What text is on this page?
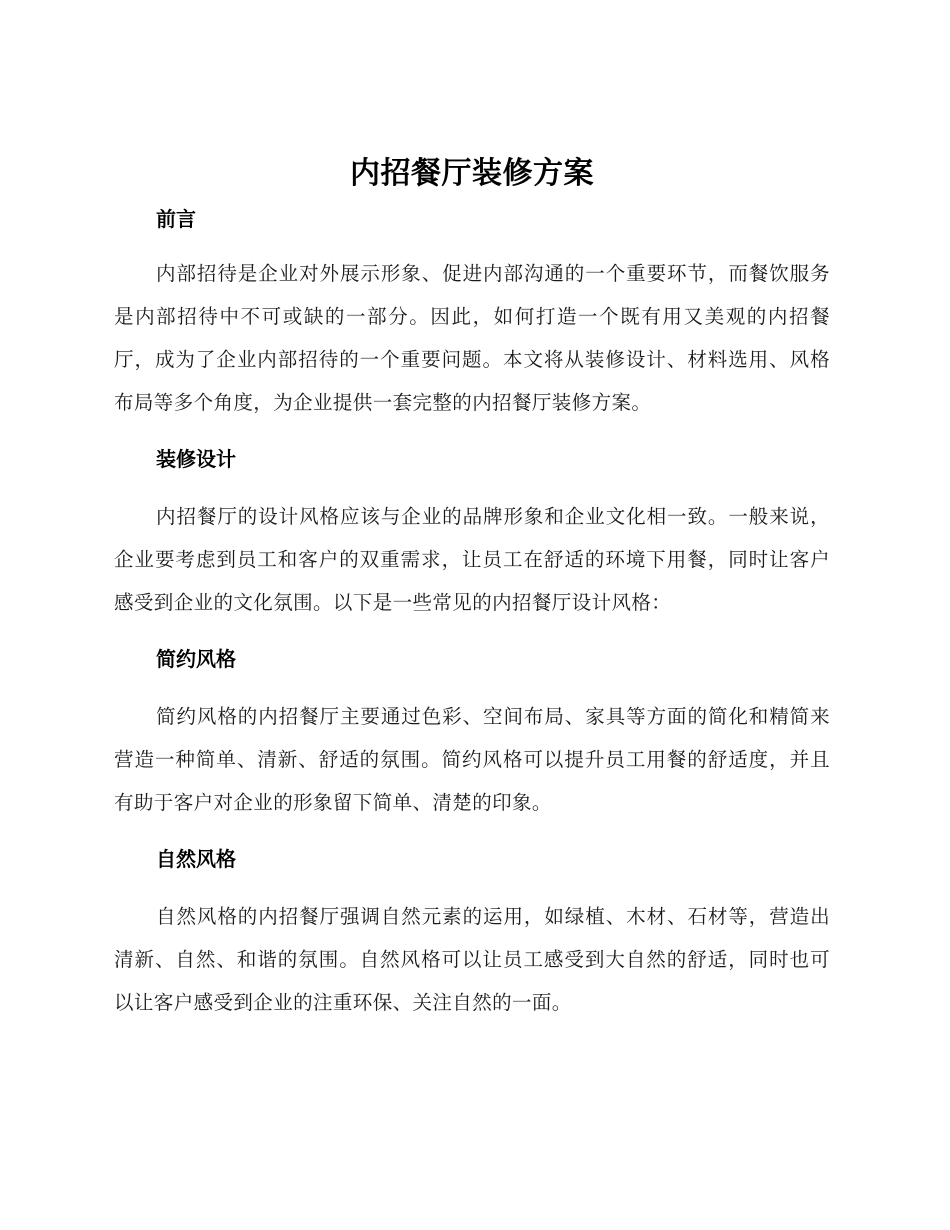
内招餐厅装修方案
前言

内部招待是企业对外展示形象、促进内部沟通的一个重要环节，而餐饮服务是内部招待中不可或缺的一部分。因此，如何打造一个既有用又美观的内招餐厅，成为了企业内部招待的一个重要问题。本文将从装修设计、材料选用、风格布局等多个角度，为企业提供一套完整的内招餐厅装修方案。

装修设计

内招餐厅的设计风格应该与企业的品牌形象和企业文化相一致。一般来说，企业要考虑到员工和客户的双重需求，让员工在舒适的环境下用餐，同时让客户感受到企业的文化氛围。以下是一些常见的内招餐厅设计风格：

简约风格

简约风格的内招餐厅主要通过色彩、空间布局、家具等方面的简化和精简来营造一种简单、清新、舒适的氛围。简约风格可以提升员工用餐的舒适度，并且有助于客户对企业的形象留下简单、清楚的印象。

自然风格

自然风格的内招餐厅强调自然元素的运用，如绿植、木材、石材等，营造出清新、自然、和谐的氛围。自然风格可以让员工感受到大自然的舒适，同时也可以让客户感受到企业的注重环保、关注自然的一面。
